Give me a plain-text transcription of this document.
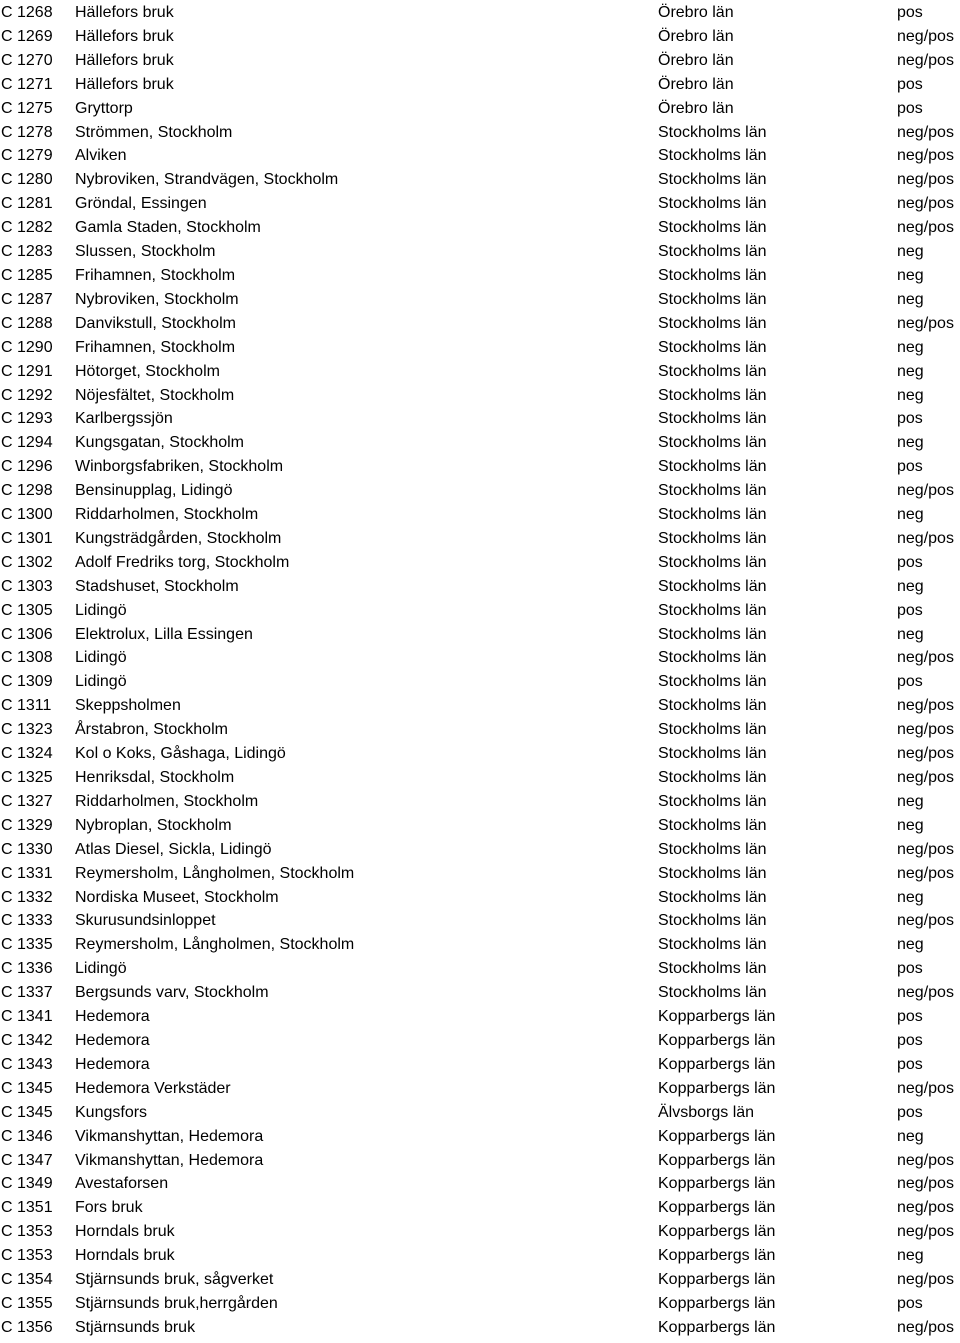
C 1268 Hällefors bruk	Örebro län	pos
C 1269 Hällefors bruk	Örebro län	neg/pos
C 1270 Hällefors bruk	Örebro län	neg/pos
C 1271 Hällefors bruk	Örebro län	pos
C 1275 Gryttorp	Örebro län	pos
C 1278 Strömmen, Stockholm	Stockholms län	neg/pos
C 1279 Alviken	Stockholms län	neg/pos
C 1280 Nybroviken, Strandvägen, Stockholm	Stockholms län	neg/pos
C 1281 Gröndal, Essingen	Stockholms län	neg/pos
C 1282 Gamla Staden, Stockholm	Stockholms län	neg/pos
C 1283 Slussen, Stockholm	Stockholms län	neg
C 1285 Frihamnen, Stockholm	Stockholms län	neg
C 1287 Nybroviken, Stockholm	Stockholms län	neg
C 1288 Danvikstull, Stockholm	Stockholms län	neg/pos
C 1290 Frihamnen, Stockholm	Stockholms län	neg
C 1291 Hötorget, Stockholm	Stockholms län	neg
C 1292 Nöjesfältet, Stockholm	Stockholms län	neg
C 1293 Karlbergssjön	Stockholms län	pos
C 1294 Kungsgatan, Stockholm	Stockholms län	neg
C 1296 Winborgsfabriken, Stockholm	Stockholms län	pos
C 1298 Bensinupplag, Lidingö	Stockholms län	neg/pos
C 1300 Riddarholmen, Stockholm	Stockholms län	neg
C 1301 Kungsträdgården, Stockholm	Stockholms län	neg/pos
C 1302 Adolf Fredriks torg, Stockholm	Stockholms län	pos
C 1303 Stadshuset, Stockholm	Stockholms län	neg
C 1305 Lidingö	Stockholms län	pos
C 1306 Elektrolux, Lilla Essingen	Stockholms län	neg
C 1308 Lidingö	Stockholms län	neg/pos
C 1309 Lidingö	Stockholms län	pos
C 1311 Skeppsholmen	Stockholms län	neg/pos
C 1323 Årstabron, Stockholm	Stockholms län	neg/pos
C 1324 Kol o Koks, Gåshaga, Lidingö	Stockholms län	neg/pos
C 1325 Henriksdal, Stockholm	Stockholms län	neg/pos
C 1327 Riddarholmen, Stockholm	Stockholms län	neg
C 1329 Nybroplan, Stockholm	Stockholms län	neg
C 1330 Atlas Diesel, Sickla, Lidingö	Stockholms län	neg/pos
C 1331 Reymersholm, Långholmen, Stockholm	Stockholms län	neg/pos
C 1332 Nordiska Museet, Stockholm	Stockholms län	neg
C 1333 Skurusundsinloppet	Stockholms län	neg/pos
C 1335 Reymersholm, Långholmen, Stockholm	Stockholms län	neg
C 1336 Lidingö	Stockholms län	pos
C 1337 Bergsunds varv, Stockholm	Stockholms län	neg/pos
C 1341 Hedemora	Kopparbergs län	pos
C 1342 Hedemora	Kopparbergs län	pos
C 1343 Hedemora	Kopparbergs län	pos
C 1345 Hedemora Verkstäder	Kopparbergs län	neg/pos
C 1345 Kungsfors	Älvsborgs län	pos
C 1346 Vikmanshyttan, Hedemora	Kopparbergs län	neg
C 1347 Vikmanshyttan, Hedemora	Kopparbergs län	neg/pos
C 1349 Avestaforsen	Kopparbergs län	neg/pos
C 1351 Fors bruk	Kopparbergs län	neg/pos
C 1353 Horndals bruk	Kopparbergs län	neg/pos
C 1353 Horndals bruk	Kopparbergs län	neg
C 1354 Stjärnsunds bruk, sågverket	Kopparbergs län	neg/pos
C 1355 Stjärnsunds bruk,herrgården	Kopparbergs län	pos
C 1356 Stjärnsunds bruk	Kopparbergs län	neg/pos
